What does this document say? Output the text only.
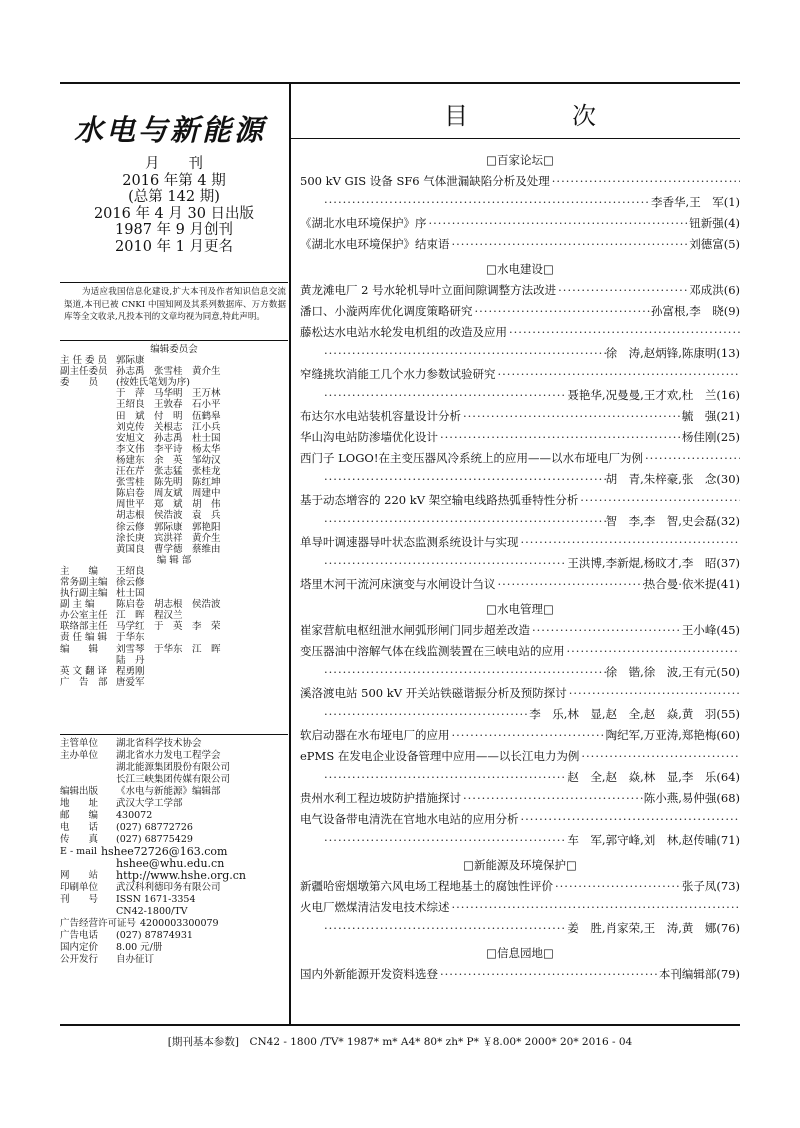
水电与新能源
月　　刊
2016 年第 4 期
(总第 142 期)
2016 年 4 月 30 日出版
1987 年 9 月创刊
2010 年 1 月更名
为适应我国信息化建设,扩大本刊及作者知识信息交流渠道,本刊已被 CNKI 中国知网及其系列数据库、万方数据库等全文收录,凡投本刊的文章均视为同意,特此声明。
编辑委员会
主 任 委 员 郭际康
副主任委员 孙志禹　张雪桂　黄介生
委　　员	(按姓氏笔划为序)
于　萍　马华明　王万林
王绍良　王敦春　石小平
田　斌　付　明　伍鹤皋
刘克传　关根志　江小兵
安旭文　孙志禹　杜士国
李文伟　李平诗　杨太华
杨建东　余　英　邹幼汉
汪在芹　张志猛　张桂龙
张雪桂　陈先明　陈红坤
陈启卷　周友斌　周建中
周世平　郑　斌　胡　伟
胡志根　侯浩波　袁　兵
徐云修　郭际康　郭艳阳
涂长庚　宾洪祥　黄介生
黄国良　曹学德　蔡维由
编 辑 部
主　　编	王绍良
常务副主编 徐云修
执行副主编 杜士国
副 主 编	陈启卷　胡志根　侯浩波
办公室主任 江　晖　程汉兰
联络部主任 马学红　于　英　李　荣
责 任 编 辑 于华东
编　　辑	刘雪琴　于华东　江　晖
陆　丹
英 文 翻 译 程勇刚
广　告　部 唐爱军
主管单位	湖北省科学技术协会
主办单位	湖北省水力发电工程学会
湖北能源集团股份有限公司
长江三峡集团传媒有限公司
编辑出版	《水电与新能源》编辑部
地　　址	武汉大学工学部
邮　　编	430072
电　　话	(027) 68772726
传　　真	(027) 68775429
E - mail hshee72726@163.com
hshee@whu.edu.cn
网　　站	http://www.hshe.org.cn
印刷单位	武汉科利德印务有限公司
刊　　号	ISSN 1671-3354
CN42-1800/TV
广告经营许可证号 4200003300079
广告电话	(027) 87874931
国内定价	8.00 元/册
公开发行	自办征订
目　次
□百家论坛□
500 kV GIS 设备 SF6 气体泄漏缺陷分析及处理
·····
·····
李香华,王　军(1)
《湖北水电环境保护》序 ·····	钮新强(4)
《湖北水电环境保护》结束语 ·····	刘德富(5)
□水电建设□
黄龙滩电厂 2 号水轮机导叶立面间隙调整方法改进 ·····	邓成洪(6)
潘口、小漩两库优化调度策略研究 ·····	孙富根,李　晓(9)
藤松达水电站水轮发电机组的改造及应用
·····
·····
徐　涛,赵炳锋,陈康明(13)
窄缝挑坎消能工几个水力参数试验研究
·····
·····
聂艳华,况曼曼,王才欢,杜　兰(16)
布达尔水电站装机容量设计分析 ·····	毓　强(21)
华山沟电站防渗墙优化设计 ·····	杨佳刚(25)
西门子 LOGO!在主变压器风冷系统上的应用——以水布垭电厂为例
·····
·····
胡　青,朱梓豪,张　念(30)
基于动态增容的 220 kV 架空输电线路热弧垂特性分析
·····
·····
智　李,李　智,史会磊(32)
单导叶调速器导叶状态监测系统设计与实现
·····
·····
王洪博,李新焜,杨旼才,李　昭(37)
塔里木河干流河床演变与水闸设计刍议 ·····	热合曼·依米提(41)
□水电管理□
崔家营航电枢纽泄水闸弧形闸门同步超差改造 ·····	王小峰(45)
变压器油中溶解气体在线监测装置在三峡电站的应用
·····
·····
徐　锴,徐　波,王有元(50)
溪洛渡电站 500 kV 开关站铁磁谐振分析及预防探讨
·····
·····
李　乐,林　显,赵　全,赵　焱,黄　羽(55)
软启动器在水布垭电厂的应用 ·····	陶纪军,万亚涛,郑艳梅(60)
ePMS 在发电企业设备管理中应用——以长江电力为例
·····
·····
赵　全,赵　焱,林　显,李　乐(64)
贵州水利工程边坡防护措施探讨 ·····	陈小燕,易仲强(68)
电气设备带电清洗在官地水电站的应用分析
·····
·····
车　军,郭守峰,刘　林,赵传晡(71)
□新能源及环境保护□
新疆哈密烟墩第六风电场工程地基土的腐蚀性评价 ·····	张子凤(73)
火电厂燃煤清洁发电技术综述
·····
·····
姜　胜,肖家荣,王　涛,黄　娜(76)
□信息园地□
国内外新能源开发资料选登 ·····	本刊编辑部(79)
[期刊基本参数]　CN42 - 1800 /TV* 1987* m* A4* 80* zh* P* ￥8.00* 2000* 20* 2016 - 04
